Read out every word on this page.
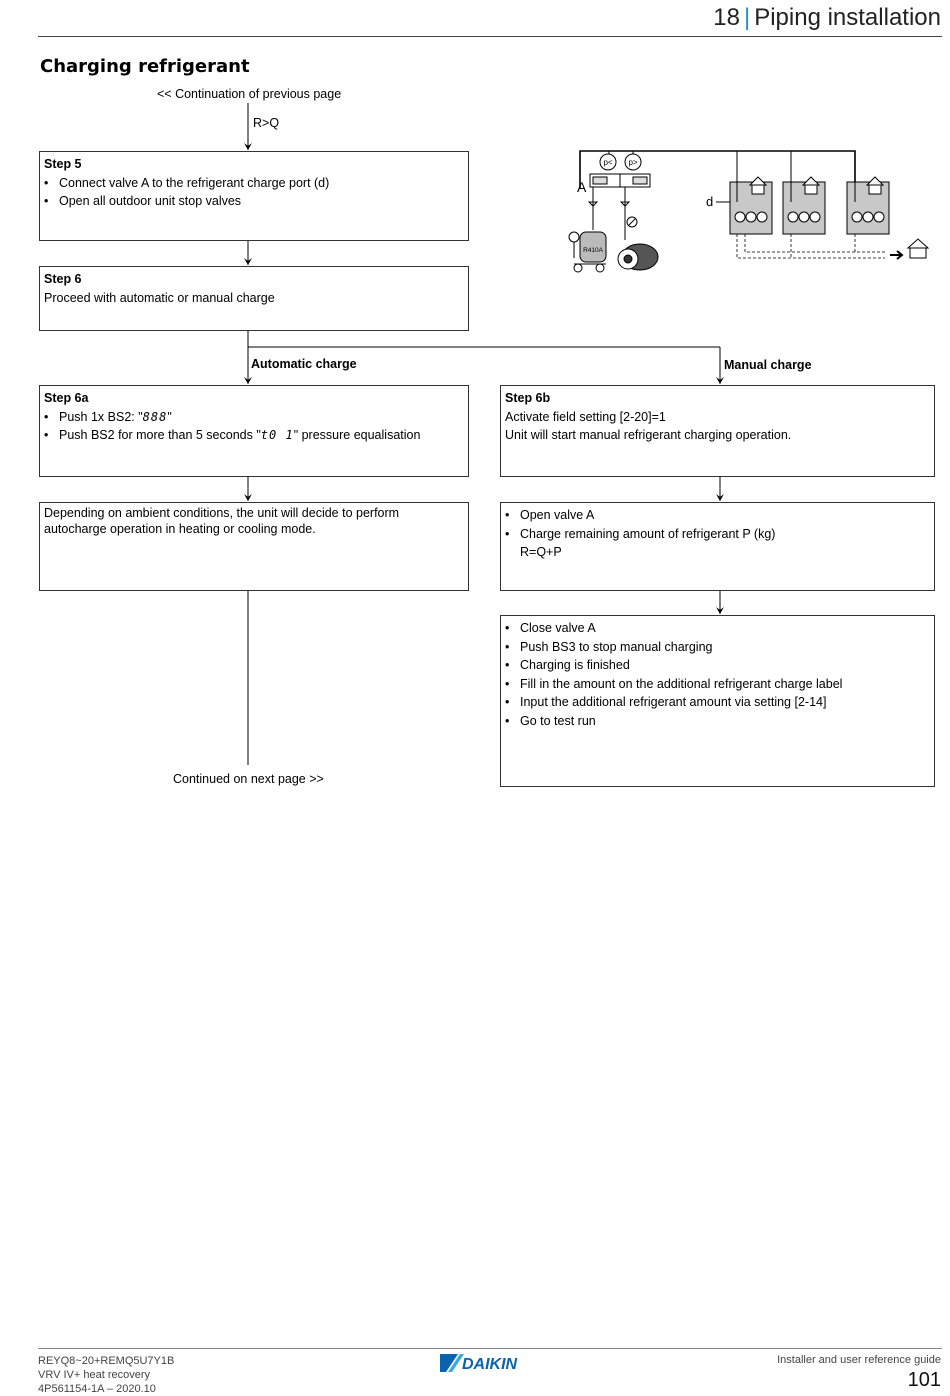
18 | Piping installation
Charging refrigerant
<< Continuation of previous page
R>Q
Step 5
• Connect valve A to the refrigerant charge port (d)
• Open all outdoor unit stop valves
Step 6
Proceed with automatic or manual charge
Automatic charge	Manual charge
Step 6a
• Push 1x BS2: "888"
• Push BS2 for more than 5 seconds "t0 1" pressure equalisation
Depending on ambient conditions, the unit will decide to perform autocharge operation in heating or cooling mode.
Continued on next page >>
Step 6b
Activate field setting [2-20]=1
Unit will start manual refrigerant charging operation.
• Open valve A
• Charge remaining amount of refrigerant P (kg)
R=Q+P
• Close valve A
• Push BS3 to stop manual charging
• Charging is finished
• Fill in the amount on the additional refrigerant charge label
• Input the additional refrigerant amount via setting [2-14]
• Go to test run
p< p>
A
R410A
d
REYQ8~20+REMQ5U7Y1B
VRV IV+ heat recovery
4P561154-1A – 2020.10
DAIKIN	Installer and user reference guide
101
